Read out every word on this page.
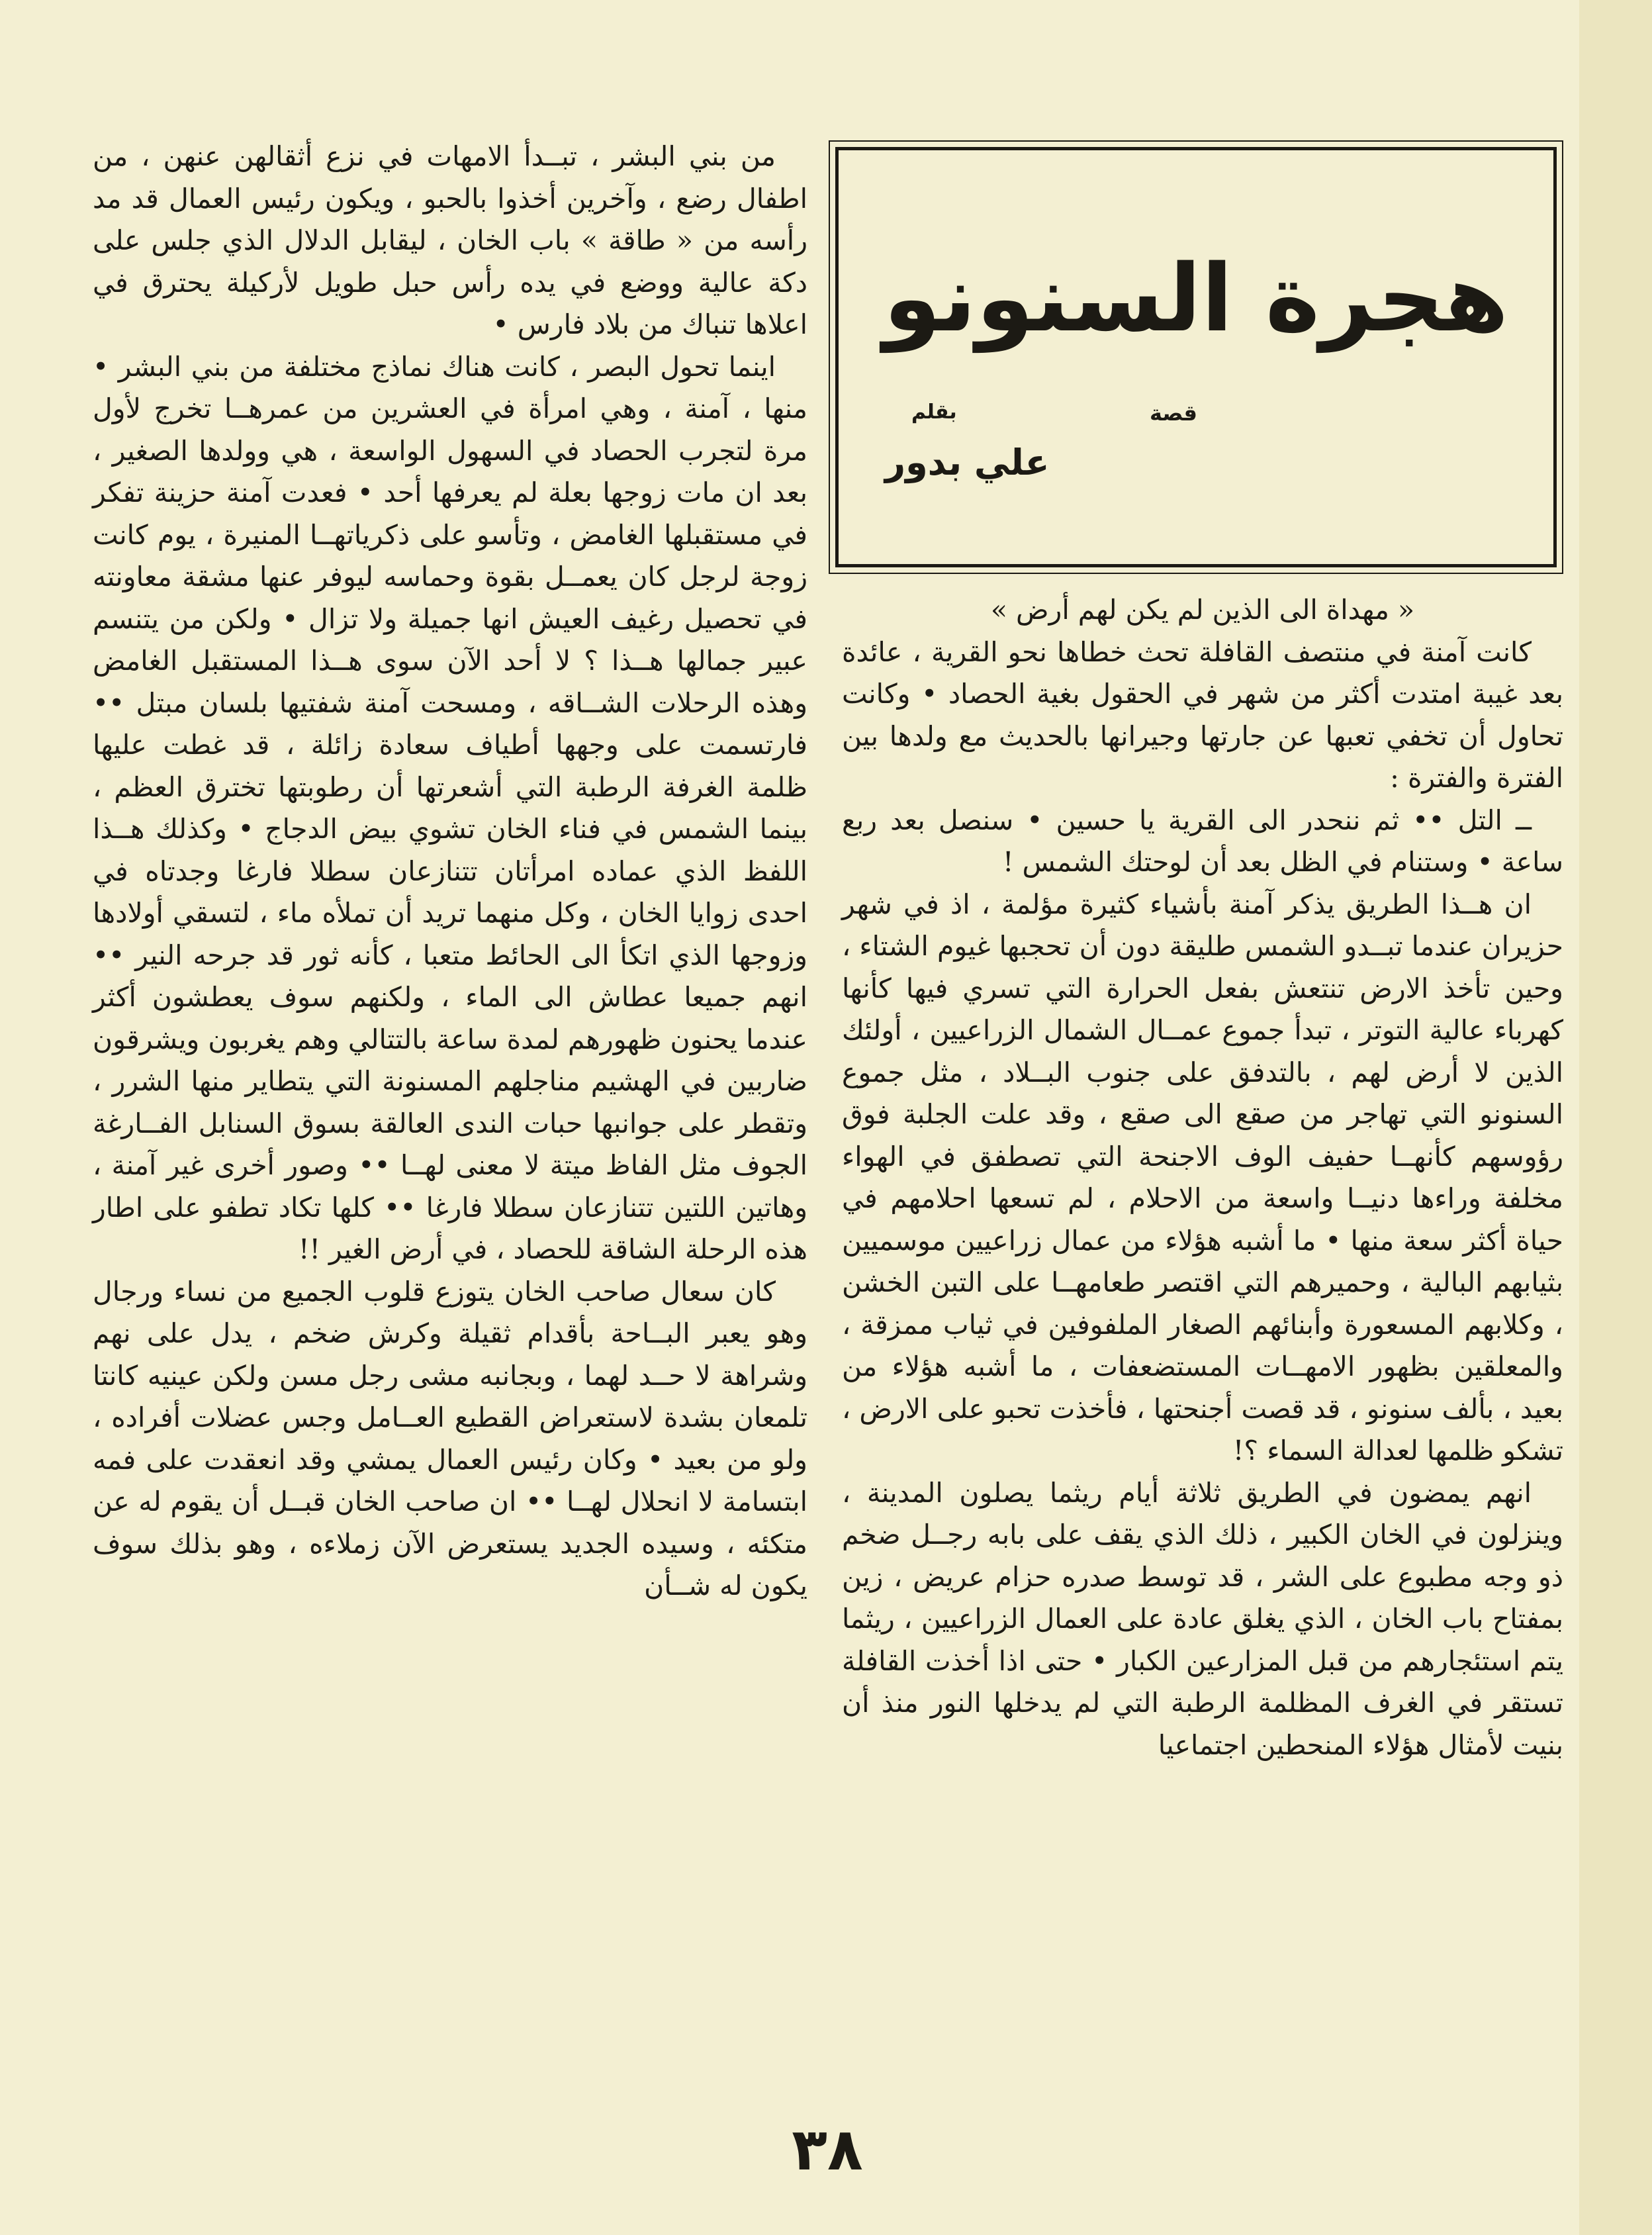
هجرة السنونو
قصة
بقلم
علي بدور

« مهداة الى الذين لم يكن لهم أرض »

كانت آمنة في منتصف القافلة تحث خطاها نحو القرية ، عائدة بعد غيبة امتدت أكثر من شهر في الحقول بغية الحصاد • وكانت تحاول أن تخفي تعبها عن جارتها وجيرانها بالحديث مع ولدها بين الفترة والفترة :

ــ التل •• ثم ننحدر الى القرية يا حسين • سنصل بعد ربع ساعة • وستنام في الظل بعد أن لوحتك الشمس !

ان هــذا الطريق يذكر آمنة بأشياء كثيرة مؤلمة ، اذ في شهر حزيران عندما تبــدو الشمس طليقة دون أن تحجبها غيوم الشتاء ، وحين تأخذ الارض تنتعش بفعل الحرارة التي تسري فيها كأنها كهرباء عالية التوتر ، تبدأ جموع عمــال الشمال الزراعيين ، أولئك الذين لا أرض لهم ، بالتدفق على جنوب البــلاد ، مثل جموع السنونو التي تهاجر من صقع الى صقع ، وقد علت الجلبة فوق رؤوسهم كأنهــا حفيف الوف الاجنحة التي تصطفق في الهواء مخلفة وراءها دنيــا واسعة من الاحلام ، لم تسعها احلامهم في حياة أكثر سعة منها • ما أشبه هؤلاء من عمال زراعيين موسميين بثيابهم البالية ، وحميرهم التي اقتصر طعامهــا على التبن الخشن ، وكلابهم المسعورة وأبنائهم الصغار الملفوفين في ثياب ممزقة ، والمعلقين بظهور الامهــات المستضعفات ، ما أشبه هؤلاء من بعيد ، بألف سنونو ، قد قصت أجنحتها ، فأخذت تحبو على الارض ، تشكو ظلمها لعدالة السماء ؟!

انهم يمضون في الطريق ثلاثة أيام ريثما يصلون المدينة ، وينزلون في الخان الكبير ، ذلك الذي يقف على بابه رجــل ضخم ذو وجه مطبوع على الشر ، قد توسط صدره حزام عريض ، زين بمفتاح باب الخان ، الذي يغلق عادة على العمال الزراعيين ، ريثما يتم استئجارهم من قبل المزارعين الكبار • حتى اذا أخذت القافلة تستقر في الغرف المظلمة الرطبة التي لم يدخلها النور منذ أن بنيت لأمثال هؤلاء المنحطين اجتماعيا

من بني البشر ، تبــدأ الامهات في نزع أثقالهن عنهن ، من اطفال رضع ، وآخرين أخذوا بالحبو ، ويكون رئيس العمال قد مد رأسه من « طاقة » باب الخان ، ليقابل الدلال الذي جلس على دكة عالية ووضع في يده رأس حبل طويل لأركيلة يحترق في اعلاها تنباك من بلاد فارس •

اينما تحول البصر ، كانت هناك نماذج مختلفة من بني البشر • منها ، آمنة ، وهي امرأة في العشرين من عمرهــا تخرج لأول مرة لتجرب الحصاد في السهول الواسعة ، هي وولدها الصغير ، بعد ان مات زوجها بعلة لم يعرفها أحد • فعدت آمنة حزينة تفكر في مستقبلها الغامض ، وتأسو على ذكرياتهــا المنيرة ، يوم كانت زوجة لرجل كان يعمــل بقوة وحماسه ليوفر عنها مشقة معاونته في تحصيل رغيف العيش انها جميلة ولا تزال • ولكن من يتنسم عبير جمالها هــذا ؟ لا أحد الآن سوى هــذا المستقبل الغامض وهذه الرحلات الشــاقه ، ومسحت آمنة شفتيها بلسان مبتل •• فارتسمت على وجهها أطياف سعادة زائلة ، قد غطت عليها ظلمة الغرفة الرطبة التي أشعرتها أن رطوبتها تخترق العظم ، بينما الشمس في فناء الخان تشوي بيض الدجاج • وكذلك هــذا اللفظ الذي عماده امرأتان تتنازعان سطلا فارغا وجدتاه في احدى زوايا الخان ، وكل منهما تريد أن تملأه ماء ، لتسقي أولادها وزوجها الذي اتكأ الى الحائط متعبا ، كأنه ثور قد جرحه النير •• انهم جميعا عطاش الى الماء ، ولكنهم سوف يعطشون أكثر عندما يحنون ظهورهم لمدة ساعة بالتتالي وهم يغربون ويشرقون ضاربين في الهشيم مناجلهم المسنونة التي يتطاير منها الشرر ، وتقطر على جوانبها حبات الندى العالقة بسوق السنابل الفــارغة الجوف مثل الفاظ ميتة لا معنى لهــا •• وصور أخرى غير آمنة ، وهاتين اللتين تتنازعان سطلا فارغا •• كلها تكاد تطفو على اطار هذه الرحلة الشاقة للحصاد ، في أرض الغير !!

كان سعال صاحب الخان يتوزع قلوب الجميع من نساء ورجال وهو يعبر البــاحة بأقدام ثقيلة وكرش ضخم ، يدل على نهم وشراهة لا حــد لهما ، وبجانبه مشى رجل مسن ولكن عينيه كانتا تلمعان بشدة لاستعراض القطيع العــامل وجس عضلات أفراده ، ولو من بعيد • وكان رئيس العمال يمشي وقد انعقدت على فمه ابتسامة لا انحلال لهــا •• ان صاحب الخان قبــل أن يقوم له عن متكئه ، وسيده الجديد يستعرض الآن زملاءه ، وهو بذلك سوف يكون له شــأن

٣٨
